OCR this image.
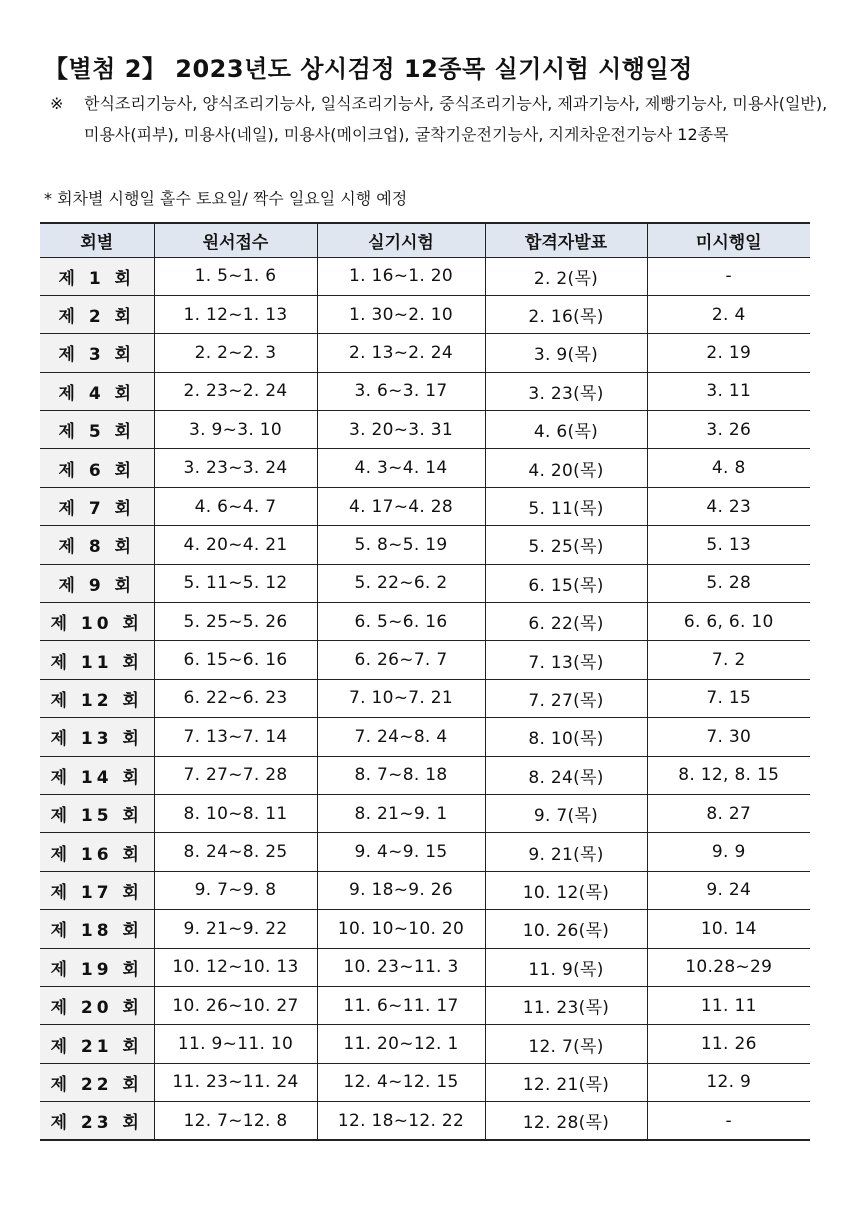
【별첨 2】 2023년도 상시검정 12종목 실기시험 시행일정
※ 한식조리기능사, 양식조리기능사, 일식조리기능사, 중식조리기능사, 제과기능사, 제빵기능사, 미용사(일반), 미용사(피부), 미용사(네일), 미용사(메이크업), 굴착기운전기능사, 지게차운전기능사 12종목
* 회차별 시행일 홀수 토요일/ 짝수 일요일 시행 예정
회별	원서접수	실기시험	합격자발표	미시행일
제 1 회	1. 5~1. 6	1. 16~1. 20	2. 2(목)	-
제 2 회	1. 12~1. 13	1. 30~2. 10	2. 16(목)	2. 4
제 3 회	2. 2~2. 3	2. 13~2. 24	3. 9(목)	2. 19
제 4 회	2. 23~2. 24	3. 6~3. 17	3. 23(목)	3. 11
제 5 회	3. 9~3. 10	3. 20~3. 31	4. 6(목)	3. 26
제 6 회	3. 23~3. 24	4. 3~4. 14	4. 20(목)	4. 8
제 7 회	4. 6~4. 7	4. 17~4. 28	5. 11(목)	4. 23
제 8 회	4. 20~4. 21	5. 8~5. 19	5. 25(목)	5. 13
제 9 회	5. 11~5. 12	5. 22~6. 2	6. 15(목)	5. 28
제 10 회	5. 25~5. 26	6. 5~6. 16	6. 22(목)	6. 6, 6. 10
제 11 회	6. 15~6. 16	6. 26~7. 7	7. 13(목)	7. 2
제 12 회	6. 22~6. 23	7. 10~7. 21	7. 27(목)	7. 15
제 13 회	7. 13~7. 14	7. 24~8. 4	8. 10(목)	7. 30
제 14 회	7. 27~7. 28	8. 7~8. 18	8. 24(목)	8. 12, 8. 15
제 15 회	8. 10~8. 11	8. 21~9. 1	9. 7(목)	8. 27
제 16 회	8. 24~8. 25	9. 4~9. 15	9. 21(목)	9. 9
제 17 회	9. 7~9. 8	9. 18~9. 26	10. 12(목)	9. 24
제 18 회	9. 21~9. 22	10. 10~10. 20	10. 26(목)	10. 14
제 19 회	10. 12~10. 13	10. 23~11. 3	11. 9(목)	10.28~29
제 20 회	10. 26~10. 27	11. 6~11. 17	11. 23(목)	11. 11
제 21 회	11. 9~11. 10	11. 20~12. 1	12. 7(목)	11. 26
제 22 회	11. 23~11. 24	12. 4~12. 15	12. 21(목)	12. 9
제 23 회	12. 7~12. 8	12. 18~12. 22	12. 28(목)	-
